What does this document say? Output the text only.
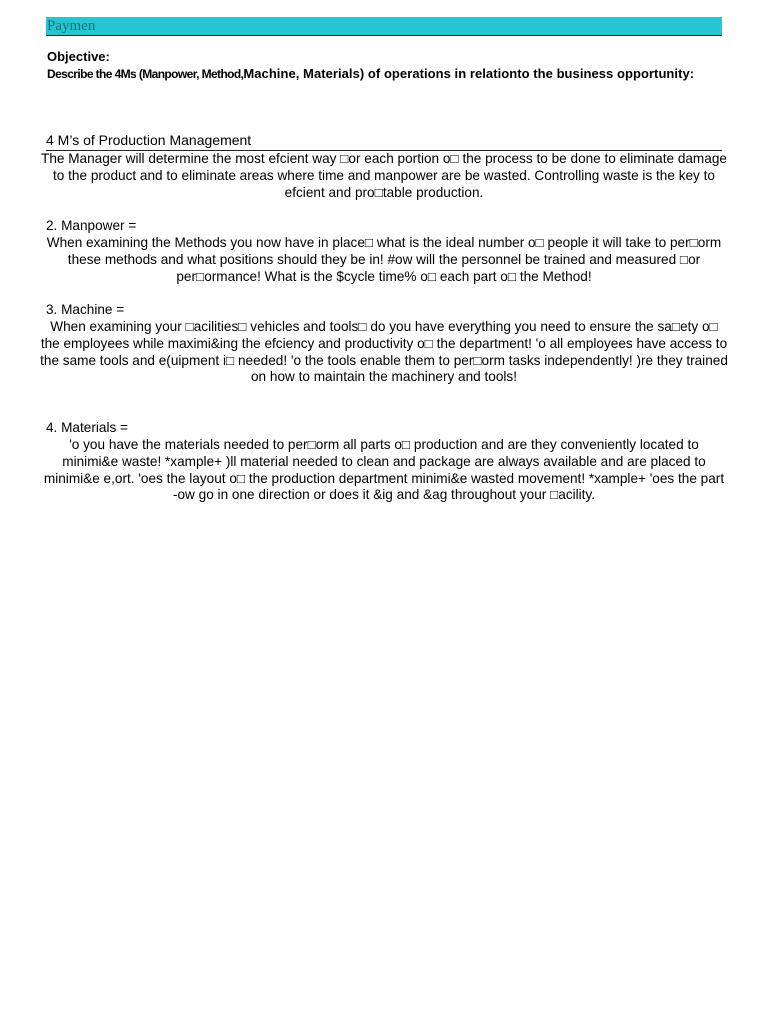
Paymen
Objective:
Describe the 4Ms (Manpower, Method,Machine, Materials) of operations in relationto the business opportunity:
4 M’s of Production Management
The Manager will determine the most efcient way □or each portion o□ the process to be done to eliminate damage to the product and to eliminate areas where time and manpower are be wasted. Controlling waste is the key to efcient and pro□table production.
2. Manpower =
When examining the Methods you now have in place□ what is the ideal number o□ people it will take to per□orm these methods and what positions should they be in! #ow will the personnel be trained and measured □or per□ormance! What is the $cycle time% o□ each part o□ the Method!
3. Machine =
When examining your □acilities□ vehicles and tools□ do you have everything you need to ensure the sa□ety o□ the employees while maximi&ing the efciency and productivity o□ the department! 'o all employees have access to the same tools and e(uipment i□ needed! 'o the tools enable them to per□orm tasks independently! )re they trained on how to maintain the machinery and tools!
4. Materials =
'o you have the materials needed to per□orm all parts o□ production and are they conveniently located to minimi&e waste! *xample+ )ll material needed to clean and package are always available and are placed to minimi&e e,ort. 'oes the layout o□ the production department minimi&e wasted movement! *xample+ 'oes the part -ow go in one direction or does it &ig and &ag throughout your □acility.
